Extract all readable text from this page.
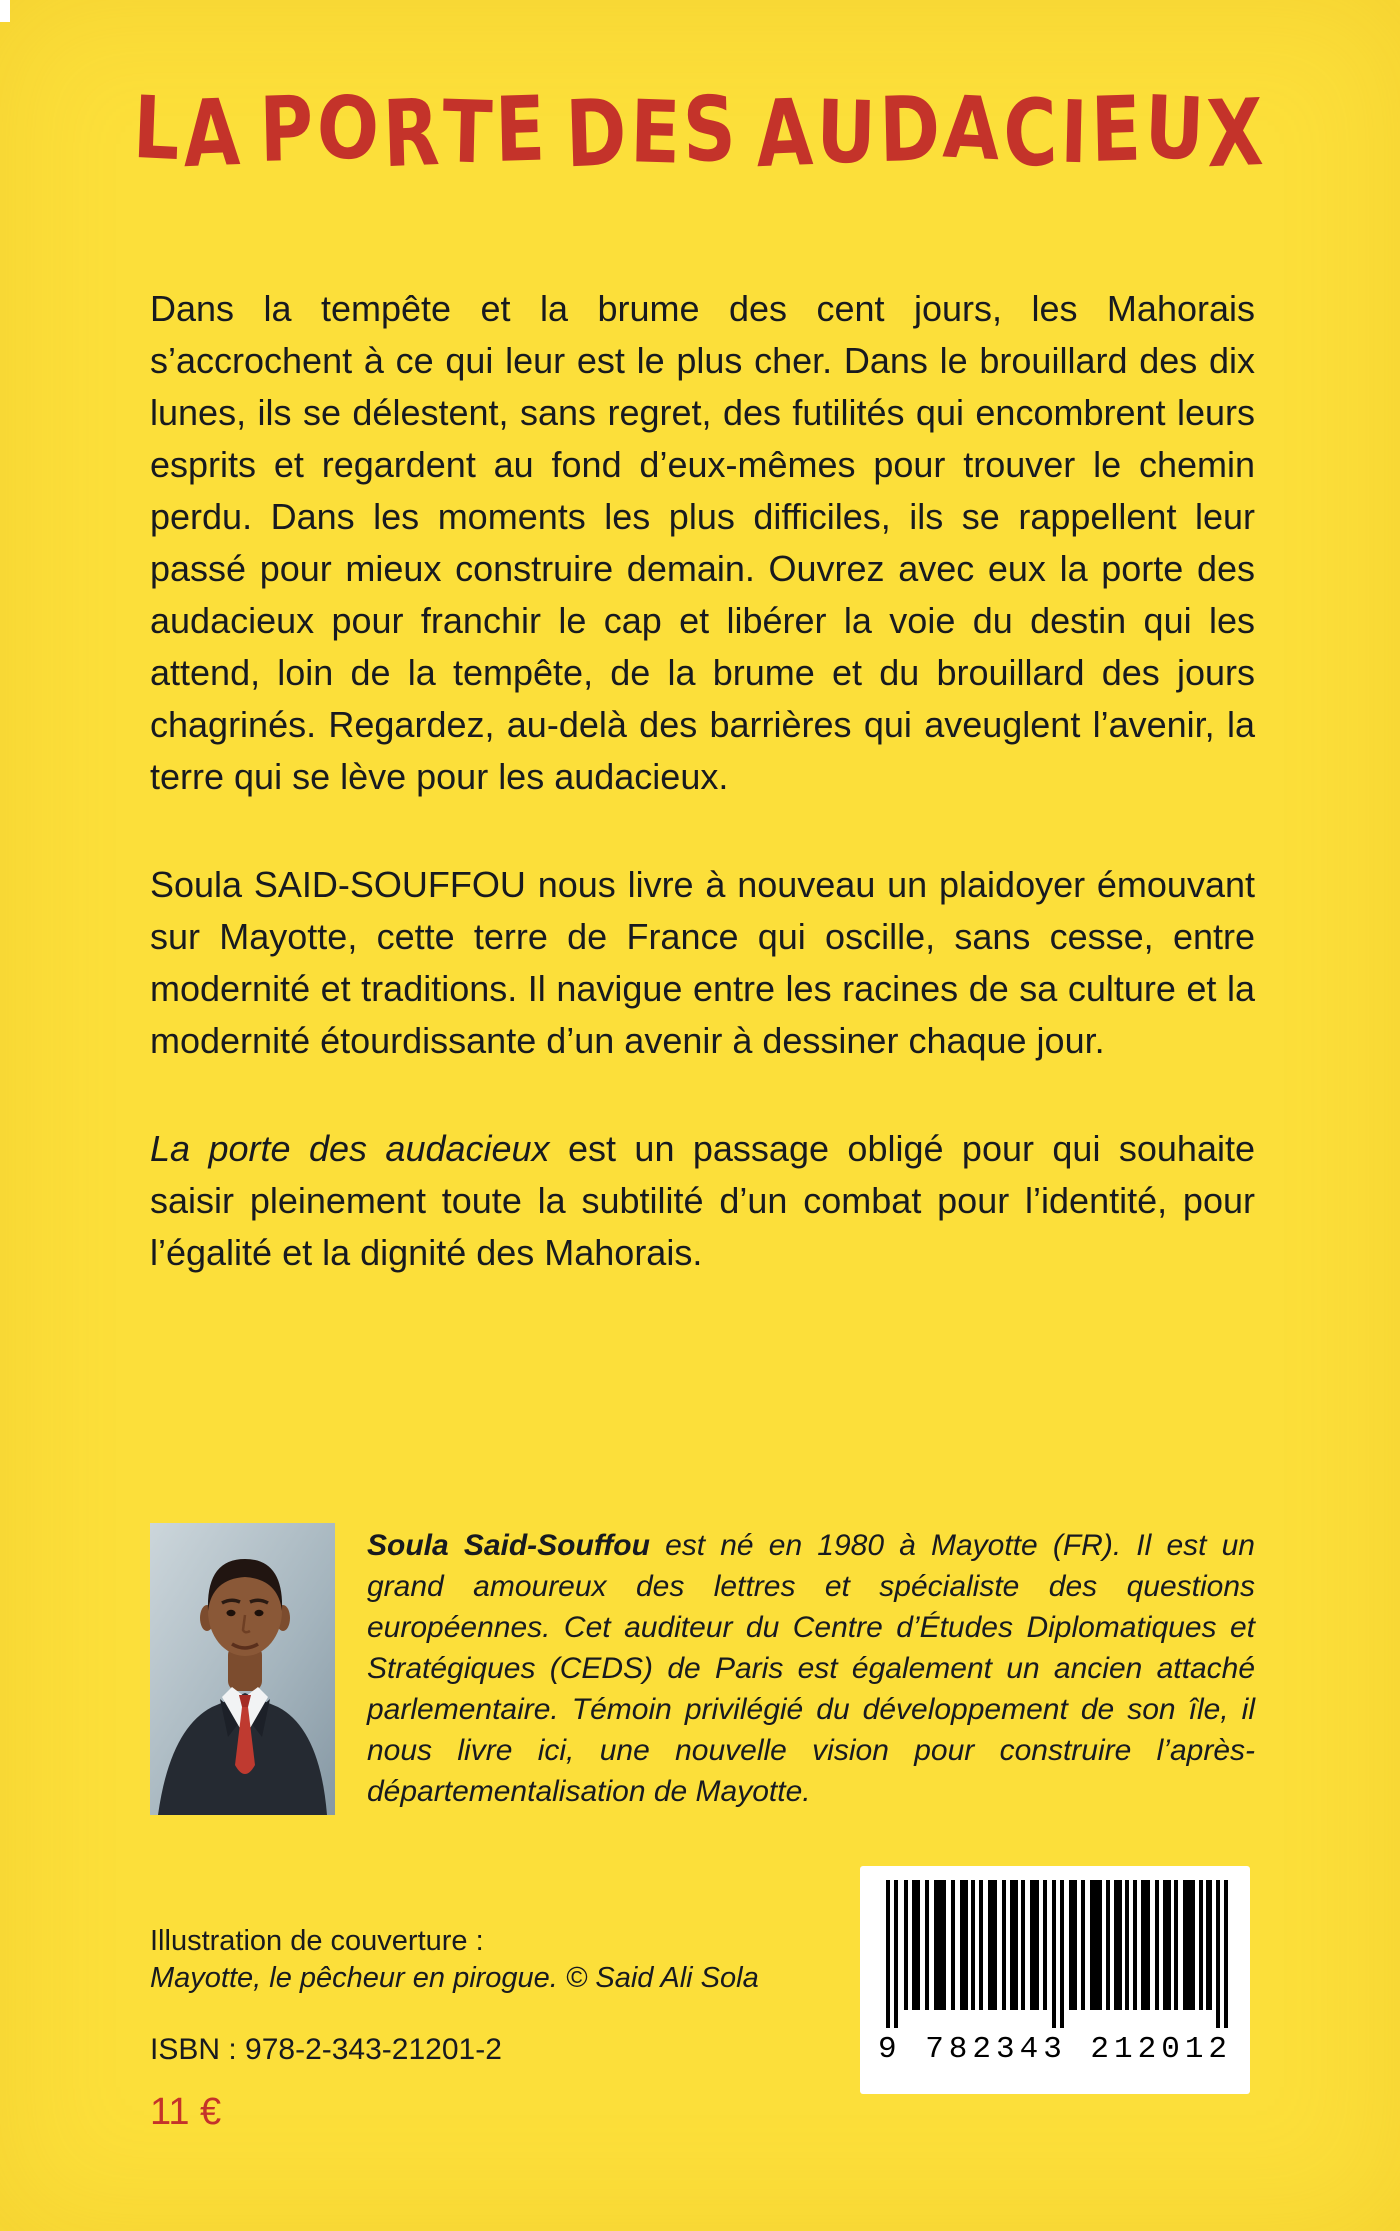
LA PORTE DES AUDACIEUX

Dans la tempête et la brume des cent jours, les Mahorais s’accrochent à ce qui leur est le plus cher. Dans le brouillard des dix lunes, ils se délestent, sans regret, des futilités qui encombrent leurs esprits et regardent au fond d’eux-mêmes pour trouver le chemin perdu. Dans les moments les plus difficiles, ils se rappellent leur passé pour mieux construire demain. Ouvrez avec eux la porte des audacieux pour franchir le cap et libérer la voie du destin qui les attend, loin de la tempête, de la brume et du brouillard des jours chagrinés. Regardez, au-delà des barrières qui aveuglent l’avenir, la terre qui se lève pour les audacieux.

Soula SAID-SOUFFOU nous livre à nouveau un plaidoyer émouvant sur Mayotte, cette terre de France qui oscille, sans cesse, entre modernité et traditions. Il navigue entre les racines de sa culture et la modernité étourdissante d’un avenir à dessiner chaque jour.

La porte des audacieux est un passage obligé pour qui souhaite saisir pleinement toute la subtilité d’un combat pour l’identité, pour l’égalité et la dignité des Mahorais.

Soula Said-Souffou est né en 1980 à Mayotte (FR). Il est un grand amoureux des lettres et spécialiste des questions européennes. Cet auditeur du Centre d’Études Diplomatiques et Stratégiques (CEDS) de Paris est également un ancien attaché parlementaire. Témoin privilégié du développement de son île, il nous livre ici, une nouvelle vision pour construire l’après-départementalisation de Mayotte.
Illustration de couverture :
Mayotte, le pêcheur en pirogue. © Said Ali Sola
ISBN : 978-2-343-21201-2
11 €
9 782343 212012
